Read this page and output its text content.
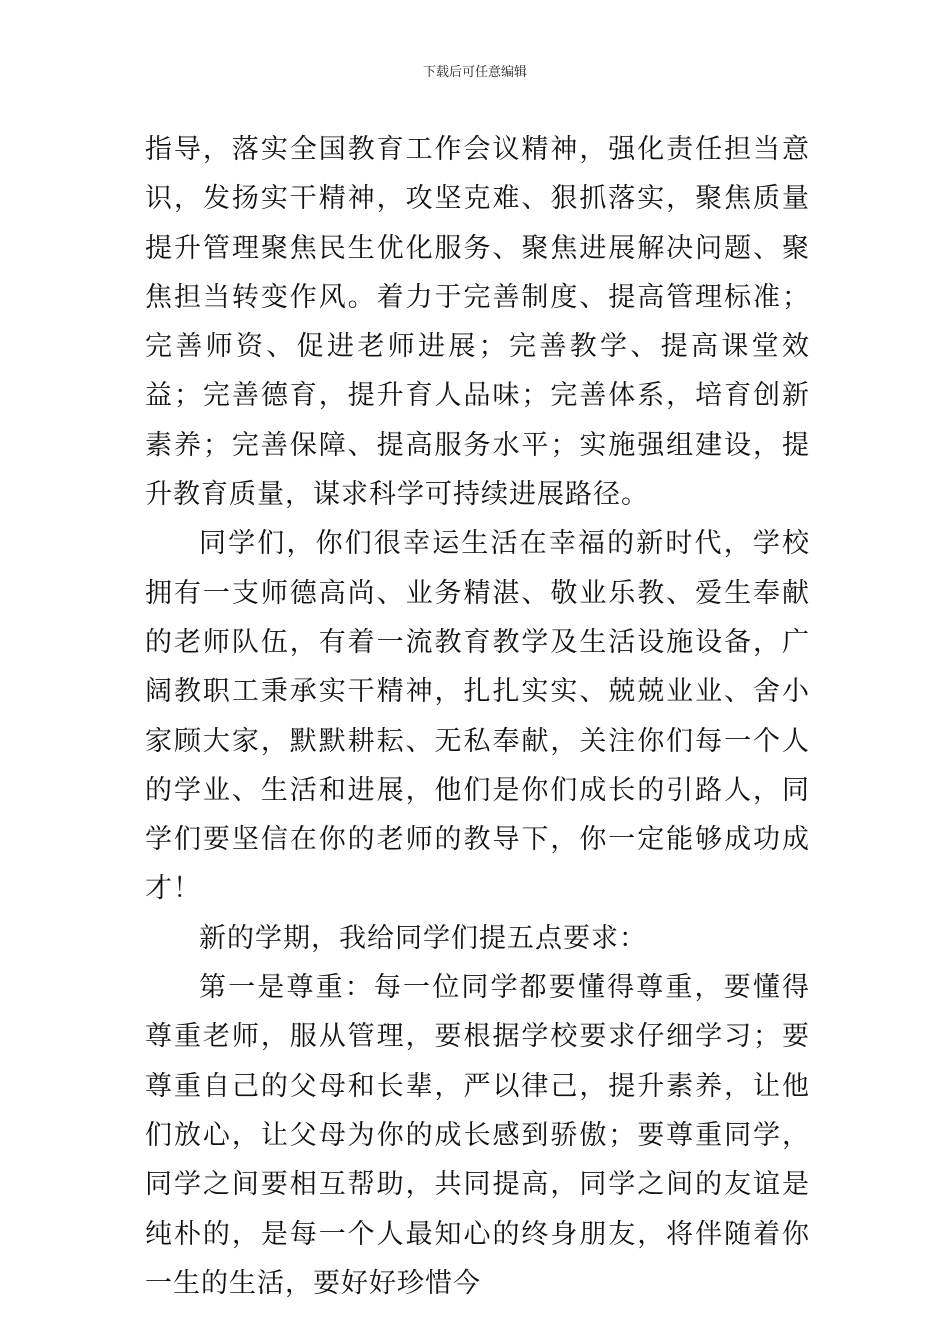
下载后可任意编辑

指导，落实全国教育工作会议精神，强化责任担当意识，发扬实干精神，攻坚克难、狠抓落实，聚焦质量提升管理聚焦民生优化服务、聚焦进展解决问题、聚焦担当转变作风。着力于完善制度、提高管理标准；完善师资、促进老师进展；完善教学、提高课堂效益；完善德育，提升育人品味；完善体系，培育创新素养；完善保障、提高服务水平；实施强组建设，提升教育质量，谋求科学可持续进展路径。

同学们，你们很幸运生活在幸福的新时代，学校拥有一支师德高尚、业务精湛、敬业乐教、爱生奉献的老师队伍，有着一流教育教学及生活设施设备，广阔教职工秉承实干精神，扎扎实实、兢兢业业、舍小家顾大家，默默耕耘、无私奉献，关注你们每一个人的学业、生活和进展，他们是你们成长的引路人，同学们要坚信在你的老师的教导下，你一定能够成功成才！

新的学期，我给同学们提五点要求：

第一是尊重：每一位同学都要懂得尊重，要懂得尊重老师，服从管理，要根据学校要求仔细学习；要尊重自己的父母和长辈，严以律己，提升素养，让他们放心，让父母为你的成长感到骄傲；要尊重同学，同学之间要相互帮助，共同提高，同学之间的友谊是纯朴的，是每一个人最知心的终身朋友，将伴随着你一生的生活，要好好珍惜今
